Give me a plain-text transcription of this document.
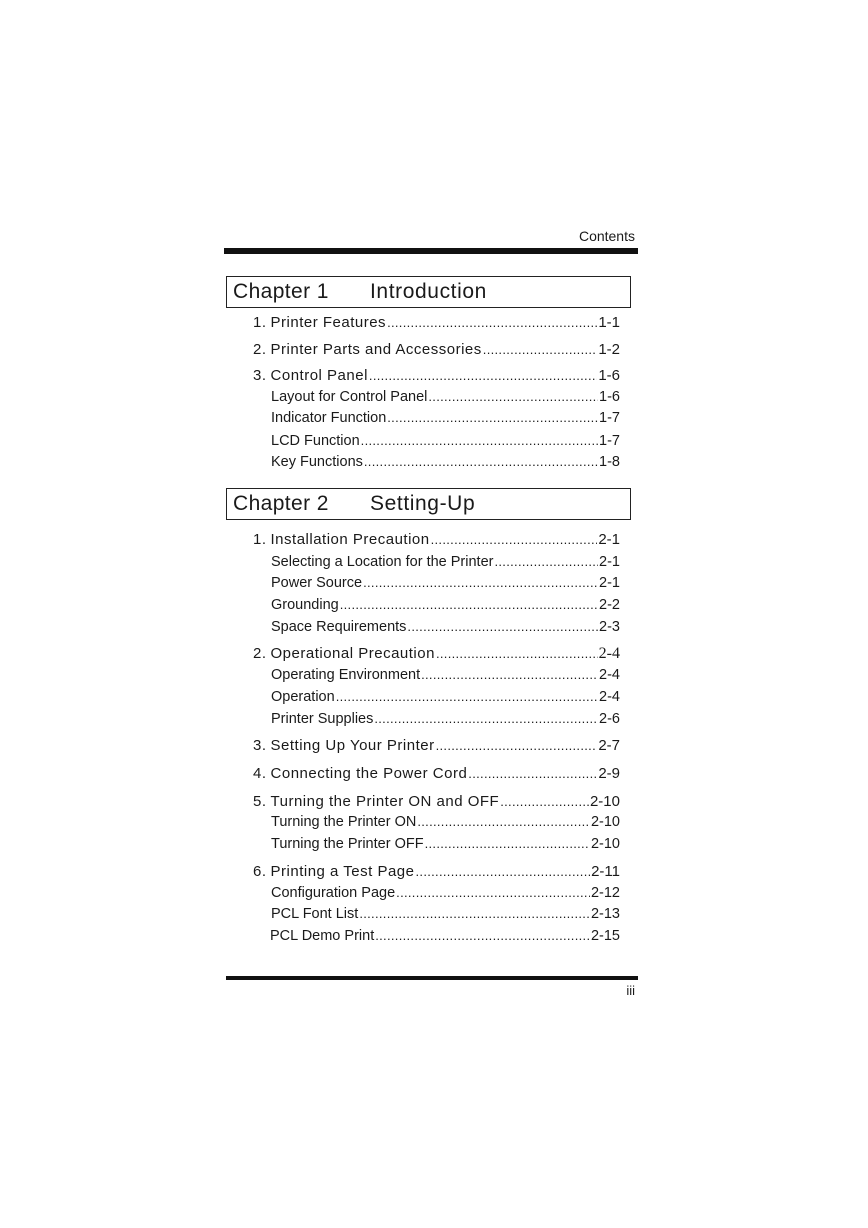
Contents
Chapter 1 Introduction
1. Printer Features .....	1-1
2. Printer Parts and Accessories .....	1-2
3. Control Panel .....	1-6
Layout for Control Panel .....	1-6
Indicator Function .....	1-7
LCD Function .....	1-7
Key Functions .....	1-8
Chapter 2 Setting-Up
1. Installation Precaution .....	2-1
Selecting a Location for the Printer .....	2-1
Power Source .....	2-1
Grounding .....	2-2
Space Requirements .....	2-3
2. Operational Precaution .....	2-4
Operating Environment .....	2-4
Operation .....	2-4
Printer Supplies .....	2-6
3. Setting Up Your Printer .....	2-7
4. Connecting the Power Cord .....	2-9
5. Turning the Printer ON and OFF .....	2-10
Turning the Printer ON .....	2-10
Turning the Printer OFF .....	2-10
6. Printing a Test Page .....	2-11
Configuration Page .....	2-12
PCL Font List .....	2-13
PCL Demo Print .....	2-15
iii
